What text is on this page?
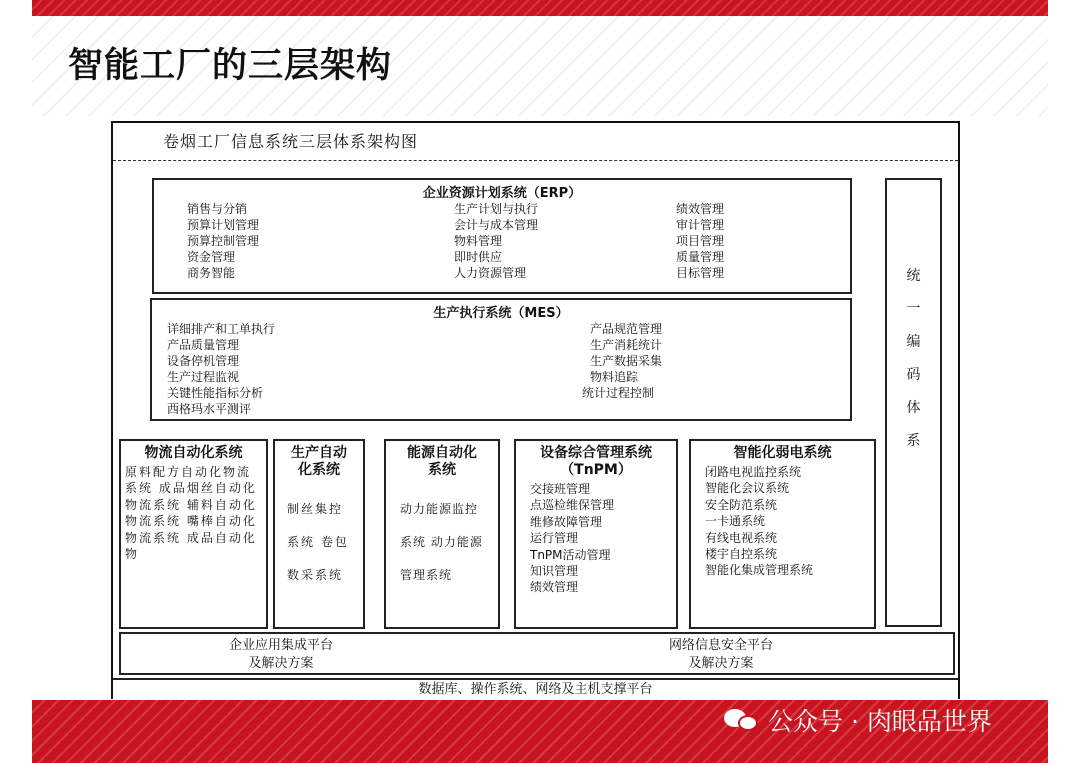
智能工厂的三层架构
卷烟工厂信息系统三层体系架构图
企业资源计划系统（ERP）
销售与分销
预算计划管理
预算控制管理
资金管理
商务智能
生产计划与执行
会计与成本管理
物料管理
即时供应
人力资源管理
绩效管理
审计管理
项目管理
质量管理
目标管理
生产执行系统（MES）
详细排产和工单执行
产品质量管理
设备停机管理
生产过程监视
关键性能指标分析
西格玛水平测评
产品规范管理
生产消耗统计
生产数据采集
物料追踪
统计过程控制
统
一
编
码
体
系
物流自动化系统
原料配方自动化物流系统 成品烟丝自动化物流系统 辅料自动化物流系统 嘴棒自动化物流系统 成品自动化物
生产自动化系统
制丝集控系统 卷包数采系统
能源自动化系统
动力能源监控系统 动力能源管理系统
设备综合管理系统（TnPM）
交接班管理
点巡检维保管理
维修故障管理
运行管理
TnPM活动管理
知识管理
绩效管理
智能化弱电系统
闭路电视监控系统
智能化会议系统
安全防范系统
一卡通系统
有线电视系统
楼宇自控系统
智能化集成管理系统
企业应用集成平台
及解决方案
网络信息安全平台
及解决方案
数据库、操作系统、网络及主机支撑平台
公众号 · 肉眼品世界
